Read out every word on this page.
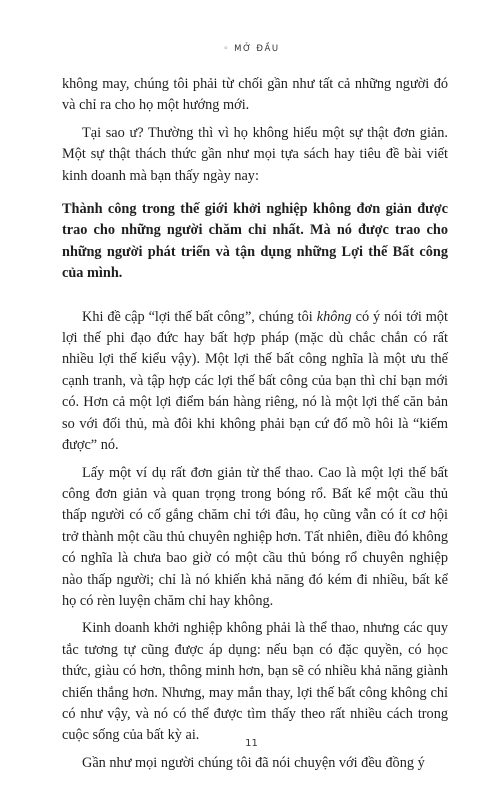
◦ MỞ ĐẦU

không may, chúng tôi phải từ chối gần như tất cả những người đó và chỉ ra cho họ một hướng mới.

Tại sao ư? Thường thì vì họ không hiểu một sự thật đơn giản. Một sự thật thách thức gần như mọi tựa sách hay tiêu đề bài viết kinh doanh mà bạn thấy ngày nay:

Thành công trong thế giới khởi nghiệp không đơn giản được trao cho những người chăm chỉ nhất. Mà nó được trao cho những người phát triển và tận dụng những Lợi thế Bất công của mình.

Khi đề cập “lợi thế bất công”, chúng tôi không có ý nói tới một lợi thế phi đạo đức hay bất hợp pháp (mặc dù chắc chắn có rất nhiều lợi thế kiểu vậy). Một lợi thế bất công nghĩa là một ưu thế cạnh tranh, và tập hợp các lợi thế bất công của bạn thì chỉ bạn mới có. Hơn cả một lợi điểm bán hàng riêng, nó là một lợi thế căn bản so với đối thủ, mà đôi khi không phải bạn cứ đổ mồ hôi là “kiếm được” nó.

Lấy một ví dụ rất đơn giản từ thể thao. Cao là một lợi thế bất công đơn giản và quan trọng trong bóng rổ. Bất kể một cầu thủ thấp người có cố gắng chăm chỉ tới đâu, họ cũng vẫn có ít cơ hội trở thành một cầu thủ chuyên nghiệp hơn. Tất nhiên, điều đó không có nghĩa là chưa bao giờ có một cầu thủ bóng rổ chuyên nghiệp nào thấp người; chỉ là nó khiến khả năng đó kém đi nhiều, bất kể họ có rèn luyện chăm chỉ hay không.

Kinh doanh khởi nghiệp không phải là thể thao, nhưng các quy tắc tương tự cũng được áp dụng: nếu bạn có đặc quyền, có học thức, giàu có hơn, thông minh hơn, bạn sẽ có nhiều khả năng giành chiến thắng hơn. Nhưng, may mắn thay, lợi thế bất công không chỉ có như vậy, và nó có thể được tìm thấy theo rất nhiều cách trong cuộc sống của bất kỳ ai.

Gần như mọi người chúng tôi đã nói chuyện với đều đồng ý

11
